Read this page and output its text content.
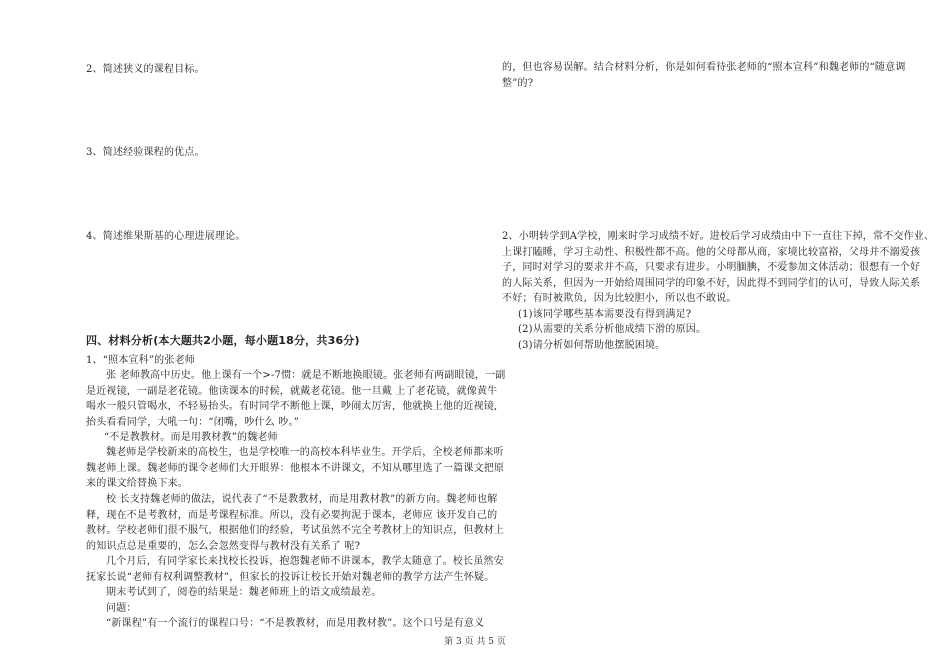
2、简述狭义的课程目标。

3、简述经验课程的优点。

4、简述维果斯基的心理进展理论。

四、材料分析(本大题共2小题，每小题18分，共36分)

1、“照本宣科”的张老师

张 老师教高中历史。他上课有一个>-7惯：就是不断地换眼镜。张老师有两副眼镜，一副

是近视镜，一副是老花镜。他读课本的时候，就戴老花镜。他一旦戴 上了老花镜，就像黄牛

喝水一般只管喝水，不轻易抬头。有时同学不断他上课，吵闹太厉害，他就换上他的近视镜,

抬头看看同学，大吼一句：“闭嘴，吵什么 吵。”

“不是教教材。而是用教材教”的魏老师

魏老师是学校新来的高校生，也是学校唯一的高校本科毕业生。开学后，全校老师都来听

魏老师上课。魏老师的课令老师们大开眼界：他根本不讲课文，不知从哪里选了一篇课文把原

来的课文给替换下来。

校 长支持魏老师的做法，说代表了“不是教教材，而是用教材教”的新方向。魏老师也解

释，现在不是考教材，而是考课程标准。所以，没有必要拘泥于课本，老师应 该开发自己的

教材。学校老师们很不服气，根据他们的经验，考试虽然不完全考教材上的知识点，但教材上

的知识点总是重要的，怎么会忽然变得与教材没有关系了 呢?

几个月后，有同学家长来找校长投诉，抱怨魏老师不讲课本，教学太随意了。校长虽然安

抚家长说“老师有权利调整教材”，但家长的投诉让校长开始对魏老师的教学方法产生怀疑。

期末考试到了，阅卷的结果是：魏老师班上的语文成绩最差。

问题：

“新课程”有一个流行的课程口号：“不是教教材，而是用教材教”。这个口号是有意义

的，但也容易误解。结合材料分析，你是如何看待张老师的“照本宣科”和魏老师的“随意调

整”的?

2、小明转学到A学校，刚来时学习成绩不好。进校后学习成绩由中下一直往下掉，常不交作业、

上课打瞌睡，学习主动性、积极性都不高。他的父母都从商，家境比较富裕，父母并不溺爱孩

子，同时对学习的要求并不高，只要求有进步。小明腼腆，不爱参加文体活动；很想有一个好

的人际关系，但因为一开始给周围同学的印象不好，因此得不到同学们的认可，导致人际关系

不好；有时被欺负，因为比较胆小，所以也不敢说。

(1)该同学哪些基本需要没有得到满足?

(2)从需要的关系分析他成绩下滑的原因。

(3)请分析如何帮助他摆脱困境。

第 3 页 共 5 页
